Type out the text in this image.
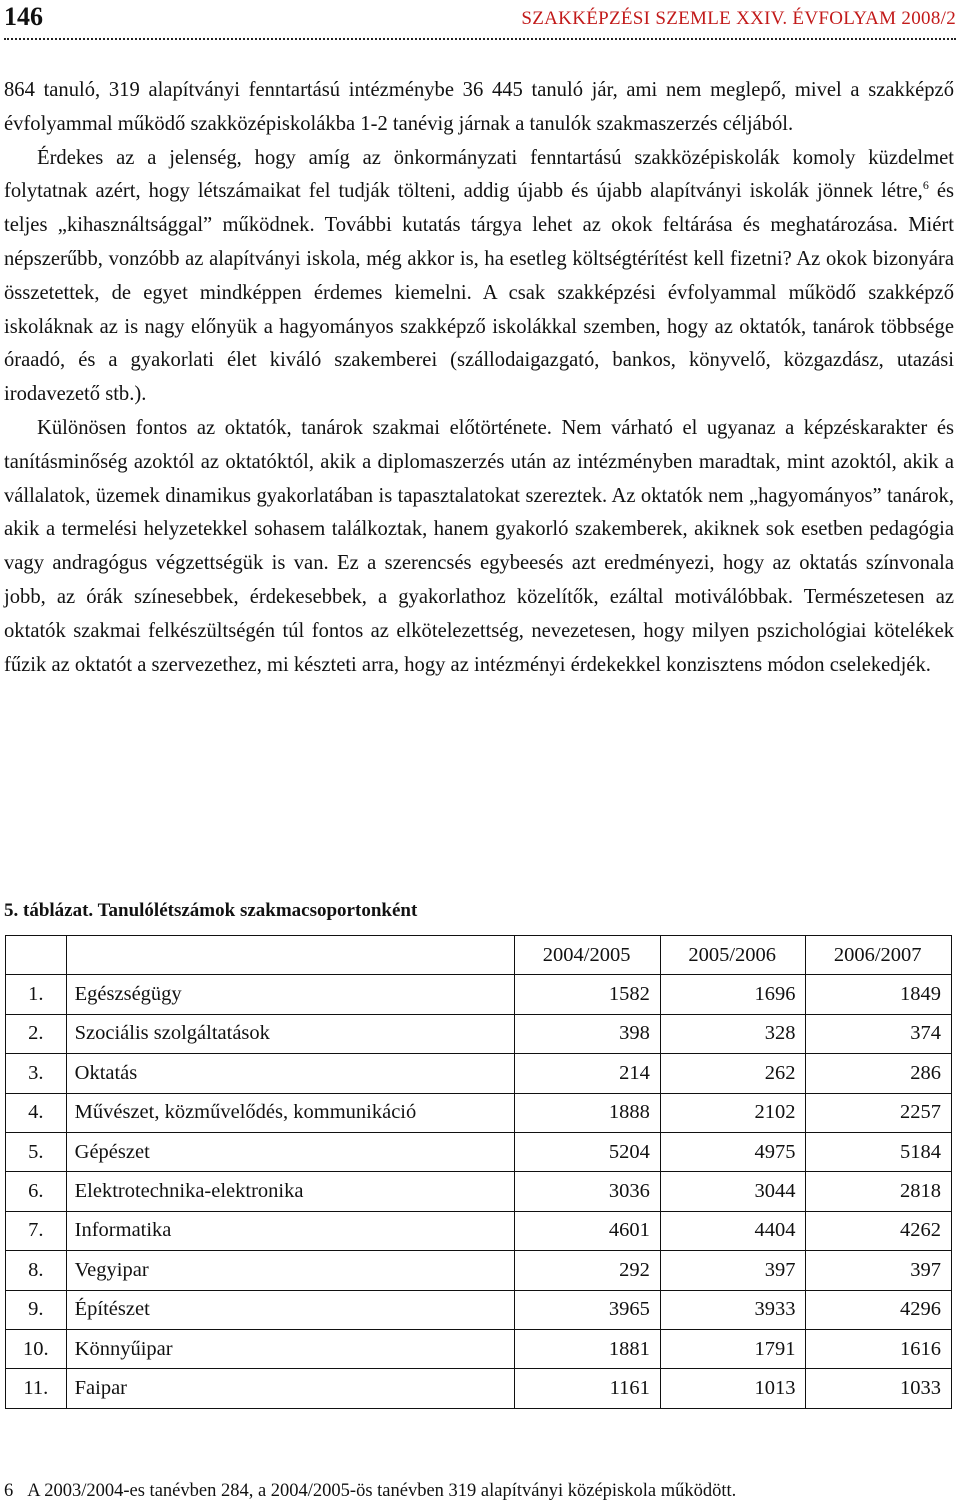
146	SZAKKÉPZÉSI SZEMLE XXIV. ÉVFOLYAM 2008/2

864 tanuló, 319 alapítványi fenntartású intézménybe 36 445 tanuló jár, ami nem meglepő, mivel a szakképző évfolyammal működő szakközépiskolákba 1-2 tanévig járnak a tanulók szakmaszerzés céljából.

Érdekes az a jelenség, hogy amíg az önkormányzati fenntartású szakközépiskolák komoly küzdelmet folytatnak azért, hogy létszámaikat fel tudják tölteni, addig újabb és újabb alapítványi iskolák jönnek létre,$^6$ és teljes „kihasználtsággal” működnek. További kutatás tárgya lehet az okok feltárása és meghatározása. Miért népszerűbb, vonzóbb az alapítványi iskola, még akkor is, ha esetleg költségtérítést kell fizetni? Az okok bizonyára összetettek, de egyet mindképpen érdemes kiemelni. A csak szakképzési évfolyammal működő szakképző iskoláknak az is nagy előnyük a hagyományos szakképző iskolákkal szemben, hogy az oktatók, tanárok többsége óraadó, és a gyakorlati élet kiváló szakemberei (szállodaigazgató, bankos, könyvelő, közgazdász, utazási irodavezető stb.).

Különösen fontos az oktatók, tanárok szakmai előtörténete. Nem várható el ugyanaz a képzéskarakter és tanításminőség azoktól az oktatóktól, akik a diplomaszerzés után az intézményben maradtak, mint azoktól, akik a vállalatok, üzemek dinamikus gyakorlatában is tapasztalatokat szereztek. Az oktatók nem „hagyományos” tanárok, akik a termelési helyzetekkel sohasem találkoztak, hanem gyakorló szakemberek, akiknek sok esetben pedagógia vagy andragógus végzettségük is van. Ez a szerencsés egybeesés azt eredményezi, hogy az oktatás színvonala jobb, az órák színesebbek, érdekesebbek, a gyakorlathoz közelítők, ezáltal motiválóbbak. Természetesen az oktatók szakmai felkészültségén túl fontos az elkötelezettség, nevezetesen, hogy milyen pszichológiai kötelékek fűzik az oktatót a szervezethez, mi készteti arra, hogy az intézményi érdekekkel konzisztens módon cselekedjék.

5. táblázat. Tanulólétszámok szakmacsoportonként
		2004/2005	2005/2006	2006/2007
1.	Egészségügy	1582	1696	1849
2.	Szociális szolgáltatások	398	328	374
3.	Oktatás	214	262	286
4.	Művészet, közművelődés, kommunikáció	1888	2102	2257
5.	Gépészet	5204	4975	5184
6.	Elektrotechnika-elektronika	3036	3044	2818
7.	Informatika	4601	4404	4262
8.	Vegyipar	292	397	397
9.	Építészet	3965	3933	4296
10.	Könnyűipar	1881	1791	1616
11.	Faipar	1161	1013	1033
6 A 2003/2004-es tanévben 284, a 2004/2005-ös tanévben 319 alapítványi középiskola működött.
